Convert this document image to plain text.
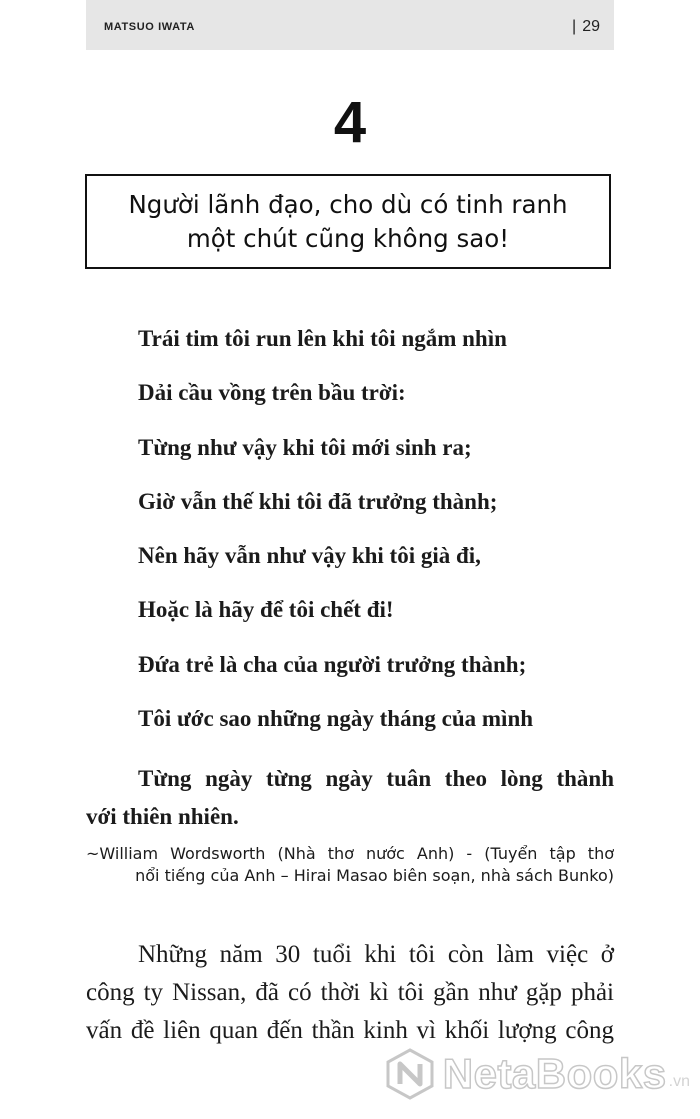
MATSUO IWATA	| 29
4
Người lãnh đạo, cho dù có tinh ranh
một chút cũng không sao!
Trái tim tôi run lên khi tôi ngắm nhìn
Dải cầu vồng trên bầu trời:
Từng như vậy khi tôi mới sinh ra;
Giờ vẫn thế khi tôi đã trưởng thành;
Nên hãy vẫn như vậy khi tôi già đi,
Hoặc là hãy để tôi chết đi!
Đứa trẻ là cha của người trưởng thành;
Tôi ước sao những ngày tháng của mình
Từng ngày từng ngày tuân theo lòng thành
với thiên nhiên.
~William Wordsworth (Nhà thơ nước Anh) - (Tuyển tập thơ
nổi tiếng của Anh – Hirai Masao biên soạn, nhà sách Bunko)
Những năm 30 tuổi khi tôi còn làm việc ở
công ty Nissan, đã có thời kì tôi gần như gặp phải
vấn đề liên quan đến thần kinh vì khối lượng công
NetaBooks .vn
